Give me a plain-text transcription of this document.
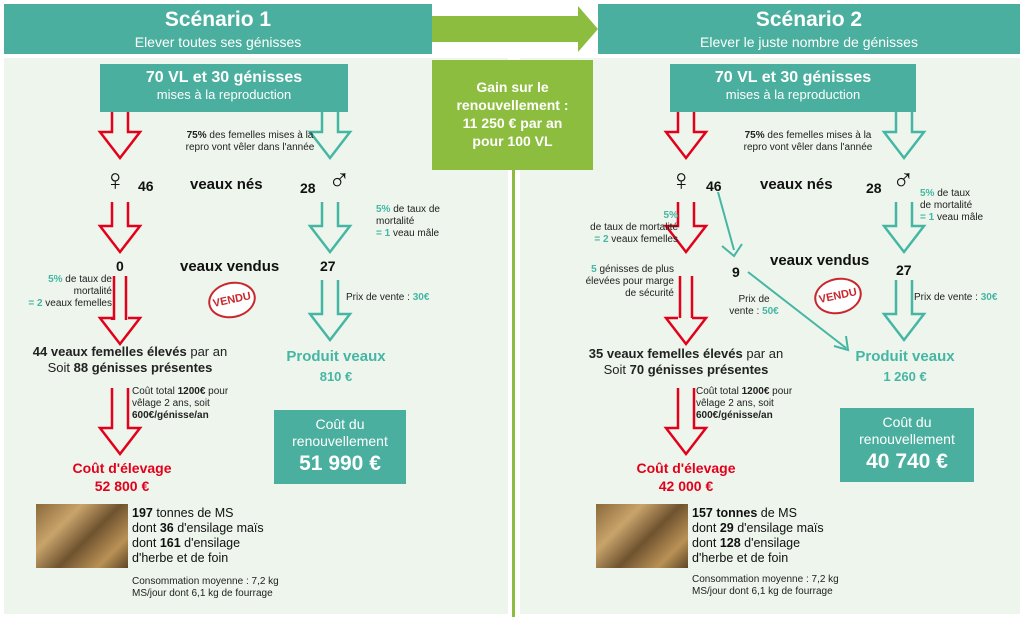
Scénario 1
Elever toutes ses génisses
Scénario 2
Elever le juste nombre de génisses
Gain sur le
renouvellement :
11 250 € par an
pour 100 VL
70 VL et 30 génisses
mises à la reproduction
75% des femelles mises à la
repro vont vêler dans l'année
♀ 46 veaux nés	28 ♂
5% de taux de
mortalité
= 1 veau mâle
0	veaux vendus	27
VENDU
5% de taux de
mortalité
= 2 veaux femelles
Prix de vente : 30€
44 veaux femelles élevés par an
Soit 88 génisses présentes
Produit veaux
810 €
Coût total 1200€ pour
vêlage 2 ans, soit
600€/génisse/an
Coût du
renouvellement
51 990 €
Coût d'élevage
52 800 €
197 tonnes de MS
dont 36 d'ensilage maïs
dont 161 d'ensilage
d'herbe et de foin
Consommation moyenne : 7,2 kg
MS/jour dont 6,1 kg de fourrage
70 VL et 30 génisses
mises à la reproduction
75% des femelles mises à la
repro vont vêler dans l'année
♀ 46	veaux nés 28 ♂
5%
de taux de mortalité
= 2 veaux femelles
5% de taux
de mortalité
= 1 veau mâle
veaux vendus
9	27
VENDU
5 génisses de plus
élevées pour marge
de sécurité
Prix de
vente : 50€
Prix de vente : 30€
35 veaux femelles élevés par an
Soit 70 génisses présentes
Produit veaux
1 260 €
Coût total 1200€ pour
vêlage 2 ans, soit
600€/génisse/an	Coût du
renouvellement
40 740 €
Coût d'élevage
42 000 €
157 tonnes de MS
dont 29 d'ensilage maïs
dont 128 d'ensilage
d'herbe et de foin
Consommation moyenne : 7,2 kg
MS/jour dont 6,1 kg de fourrage
